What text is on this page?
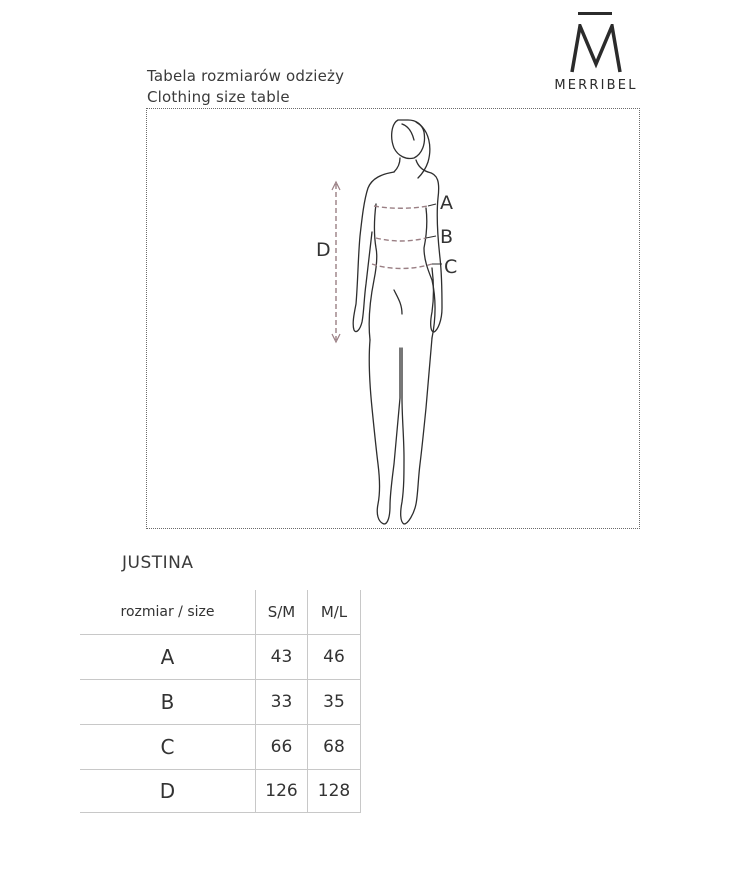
Tabela rozmiarów odzieży
Clothing size table
MERRIBEL
A
B
C
D
JUSTINA
rozmiar / size	S/M	M/L
A	43	46
B	33	35
C	66	68
D	126	128
